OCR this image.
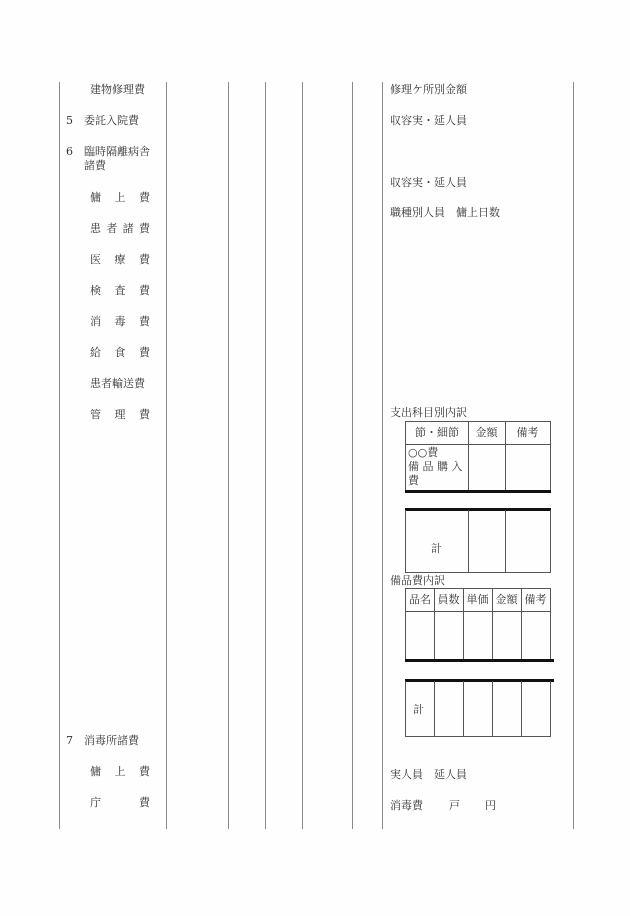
建物修理費
5 委託入院費
6 臨時隔離病舎
諸費
傭 上 費
患 者 諸 費
医 療 費
検 査 費
消 毒 費
給 食 費
患者輸送費
管 理 費
7 消毒所諸費
傭 上 費
庁	費
修理ケ所別金額
収容実・延人員
収容実・延人員
職種別人員　傭上日数
支出科目別内訳
節・細節	金額	備考
○○費
備 品 購 入
費
計
備品費内訳
品名 員数 単価 金額 備考
計
実人員　延人員
消毒費 戸 円
